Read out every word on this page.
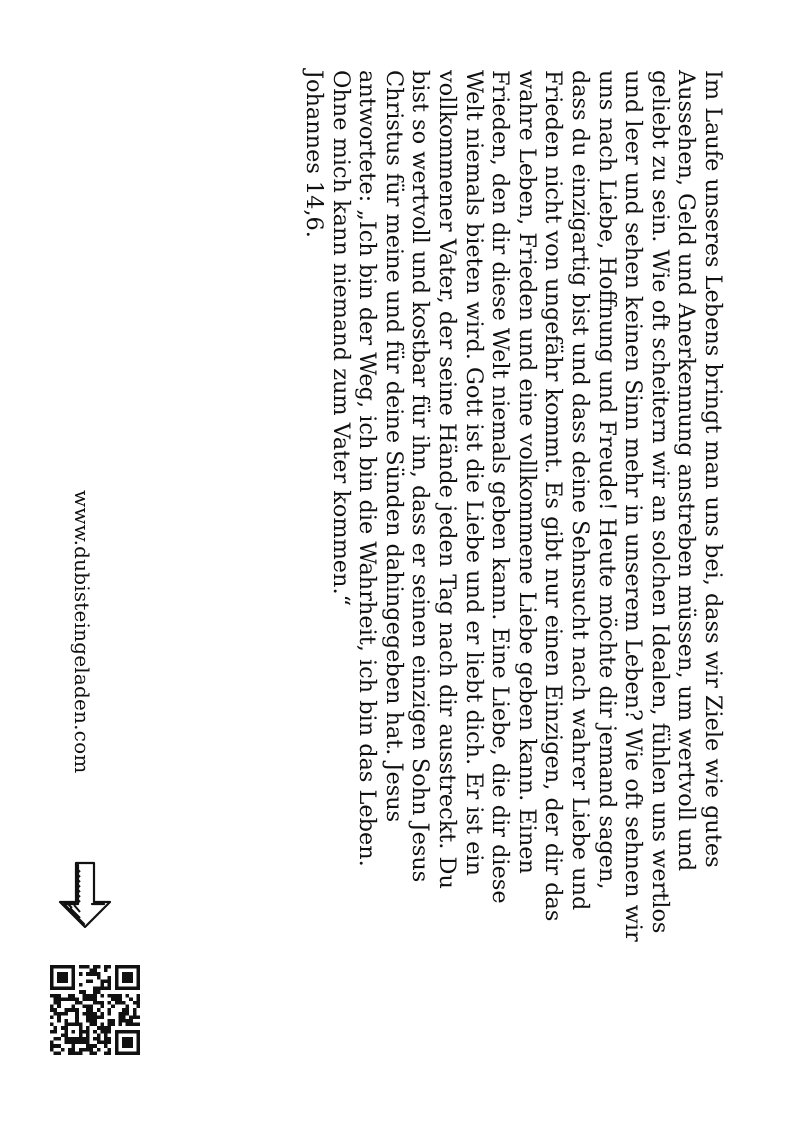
Im Laufe unseres Lebens bringt man uns bei, dass wir Ziele wie gutes
Aussehen, Geld und Anerkennung anstreben müssen, um wertvoll und
geliebt zu sein. Wie oft scheitern wir an solchen Idealen, fühlen uns wertlos
und leer und sehen keinen Sinn mehr in unserem Leben? Wie oft sehnen wir
uns nach Liebe, Hoffnung und Freude! Heute möchte dir jemand sagen,
dass du einzigartig bist und dass deine Sehnsucht nach wahrer Liebe und
Frieden nicht von ungefähr kommt. Es gibt nur einen Einzigen, der dir das
wahre Leben, Frieden und eine vollkommene Liebe geben kann. Einen
Frieden, den dir diese Welt niemals geben kann. Eine Liebe, die dir diese
Welt niemals bieten wird. Gott ist die Liebe und er liebt dich. Er ist ein
vollkommener Vater, der seine Hände jeden Tag nach dir ausstreckt. Du
bist so wertvoll und kostbar für ihn, dass er seinen einzigen Sohn Jesus
Christus für meine und für deine Sünden dahingegeben hat. Jesus
antwortete: „Ich bin der Weg, ich bin die Wahrheit, ich bin das Leben.
Ohne mich kann niemand zum Vater kommen.“
Johannes 14,6.

www.dubisteingeladen.com
